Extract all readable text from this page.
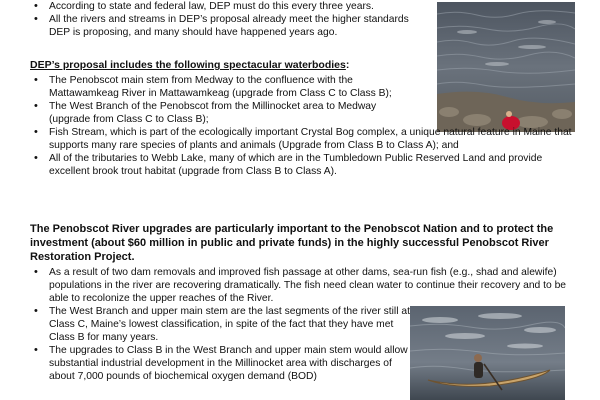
• According to state and federal law, DEP must do this every three years.
• All the rivers and streams in DEP’s proposal already meet the higher standards DEP is proposing, and many should have happened years ago.

DEP’s proposal includes the following spectacular waterbodies:

• The Penobscot main stem from Medway to the confluence with the Mattawamkeag River in Mattawamkeag (upgrade from Class C to Class B);
• The West Branch of the Penobscot from the Millinocket area to Medway (upgrade from Class C to Class B);
• Fish Stream, which is part of the ecologically important Crystal Bog complex, a unique natural feature in Maine that supports many rare species of plants and animals (Upgrade from Class B to Class A); and
• All of the tributaries to Webb Lake, many of which are in the Tumbledown Public Reserved Land and provide excellent brook trout habitat (upgrade from Class B to Class A).

The Penobscot River upgrades are particularly important to the Penobscot Nation and to protect the investment (about $60 million in public and private funds) in the highly successful Penobscot River Restoration Project.

• As a result of two dam removals and improved fish passage at other dams, sea-run fish (e.g., shad and alewife) populations in the river are recovering dramatically. The fish need clean water to continue their recovery and to be able to recolonize the upper reaches of the River.
• The West Branch and upper main stem are the last segments of the river still at Class C, Maine’s lowest classification, in spite of the fact that they have met Class B for many years.
• The upgrades to Class B in the West Branch and upper main stem would allow substantial industrial development in the Millinocket area with discharges of about 7,000 pounds of biochemical oxygen demand (BOD)
